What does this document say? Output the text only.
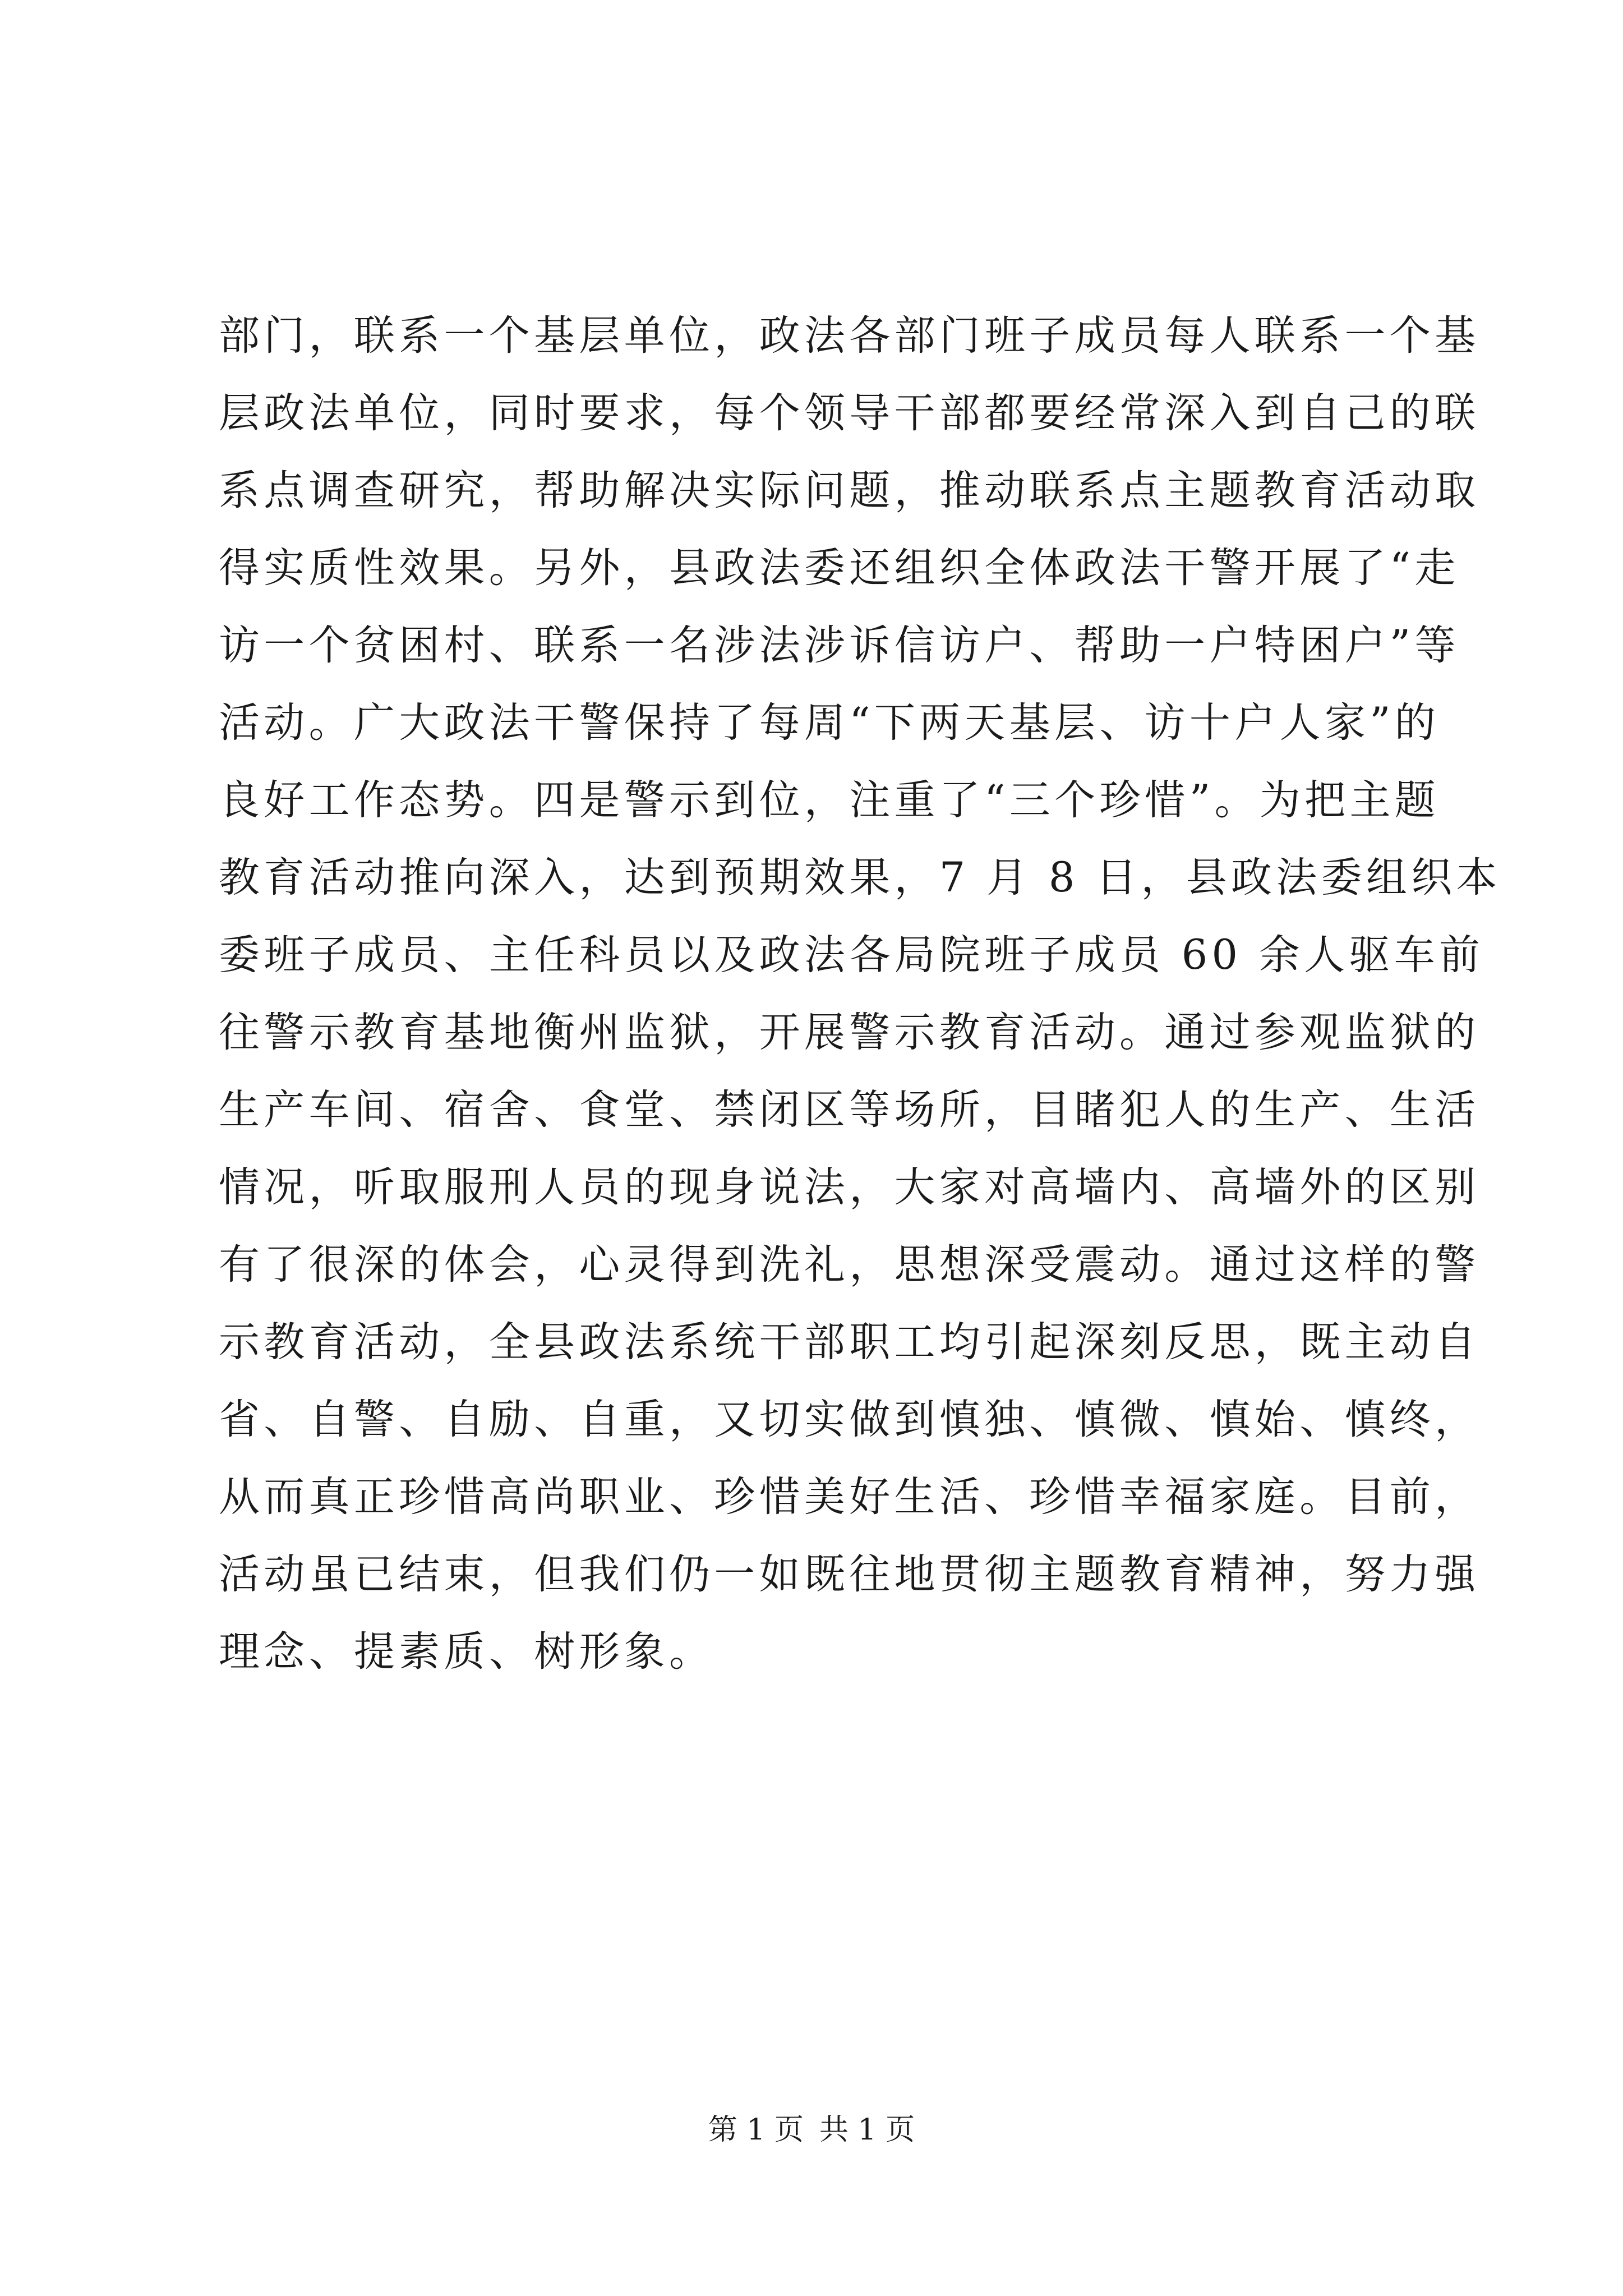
部门，联系一个基层单位，政法各部门班子成员每人联系一个基
层政法单位，同时要求，每个领导干部都要经常深入到自己的联
系点调查研究，帮助解决实际问题，推动联系点主题教育活动取
得实质性效果。另外，县政法委还组织全体政法干警开展了“走
访一个贫困村、联系一名涉法涉诉信访户、帮助一户特困户”等
活动。广大政法干警保持了每周“下两天基层、访十户人家”的
良好工作态势。四是警示到位，注重了“三个珍惜”。为把主题
教育活动推向深入，达到预期效果，7 月 8 日，县政法委组织本
委班子成员、主任科员以及政法各局院班子成员 60 余人驱车前
往警示教育基地衡州监狱，开展警示教育活动。通过参观监狱的
生产车间、宿舍、食堂、禁闭区等场所，目睹犯人的生产、生活
情况，听取服刑人员的现身说法，大家对高墙内、高墙外的区别
有了很深的体会，心灵得到洗礼，思想深受震动。通过这样的警
示教育活动，全县政法系统干部职工均引起深刻反思，既主动自
省、自警、自励、自重，又切实做到慎独、慎微、慎始、慎终，
从而真正珍惜高尚职业、珍惜美好生活、珍惜幸福家庭。目前，
活动虽已结束，但我们仍一如既往地贯彻主题教育精神，努力强
理念、提素质、树形象。
第 1 页 共 1 页
